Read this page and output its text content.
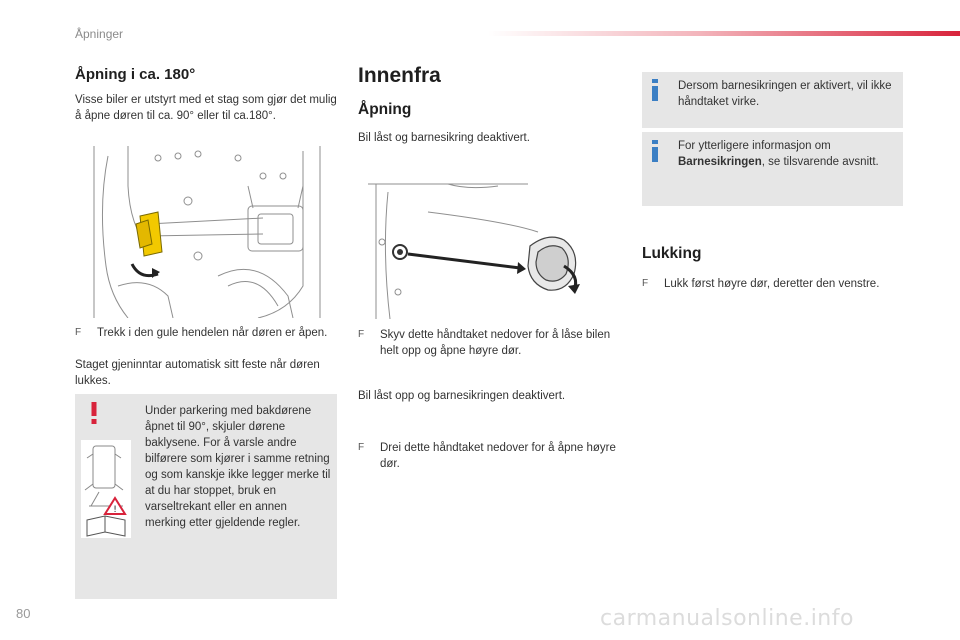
Åpninger
Åpning i ca. 180°
Visse biler er utstyrt med et stag som gjør det mulig å åpne døren til ca. 90° eller til ca.180°.
F	Trekk i den gule hendelen når døren er åpen.
Staget gjeninntar automatisk sitt feste når døren lukkes.
!
Under parkering med bakdørene åpnet til 90°, skjuler dørene baklysene. For å varsle andre bilførere som kjører i samme retning og som kanskje ikke legger merke til at du har stoppet, bruk en varseltrekant eller en annen merking etter gjeldende regler.
Innenfra
Åpning
Bil låst og barnesikring deaktivert.
F	Skyv dette håndtaket nedover for å låse bilen helt opp og åpne høyre dør.
Bil låst opp og barnesikringen deaktivert.
F	Drei dette håndtaket nedover for å åpne høyre dør.
Dersom barnesikringen er aktivert, vil ikke håndtaket virke.
For ytterligere informasjon om Barnesikringen, se tilsvarende avsnitt.
Lukking
F	Lukk først høyre dør, deretter den venstre.
80	carmanualsonline.info
